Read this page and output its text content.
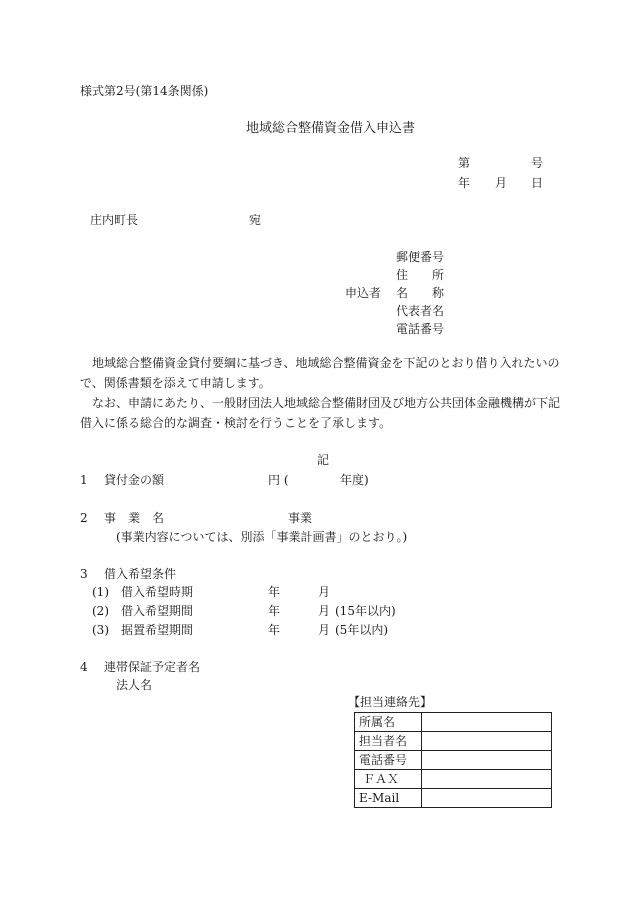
様式第2号(第14条関係)
地域総合整備資金借入申込書
第	号
年 月 日
庄内町長	宛
申込者
郵便番号
住　　所
名　　称
代表者名
電話番号
地域総合整備資金貸付要綱に基づき、地域総合整備資金を下記のとおり借り入れたいの
で、関係書類を添えて申請します。
なお、申請にあたり、一般財団法人地域総合整備財団及び地方公共団体金融機構が下記
借入に係る総合的な調査・検討を行うことを了承します。
記
1 貸付金の額	円 (	年度)
2 事　業　名	事業
(事業内容については、別添「事業計画書」のとおり。)
3 借入希望条件
(1) 借入希望時期	年	月
(2) 借入希望期間	年	月 (15年以内)
(3) 据置希望期間	年	月 (5年以内)
4 連帯保証予定者名
法人名
【担当連絡先】
所属名	
担当者名	
電話番号	
ＦＡＸ	
E-Mail	
